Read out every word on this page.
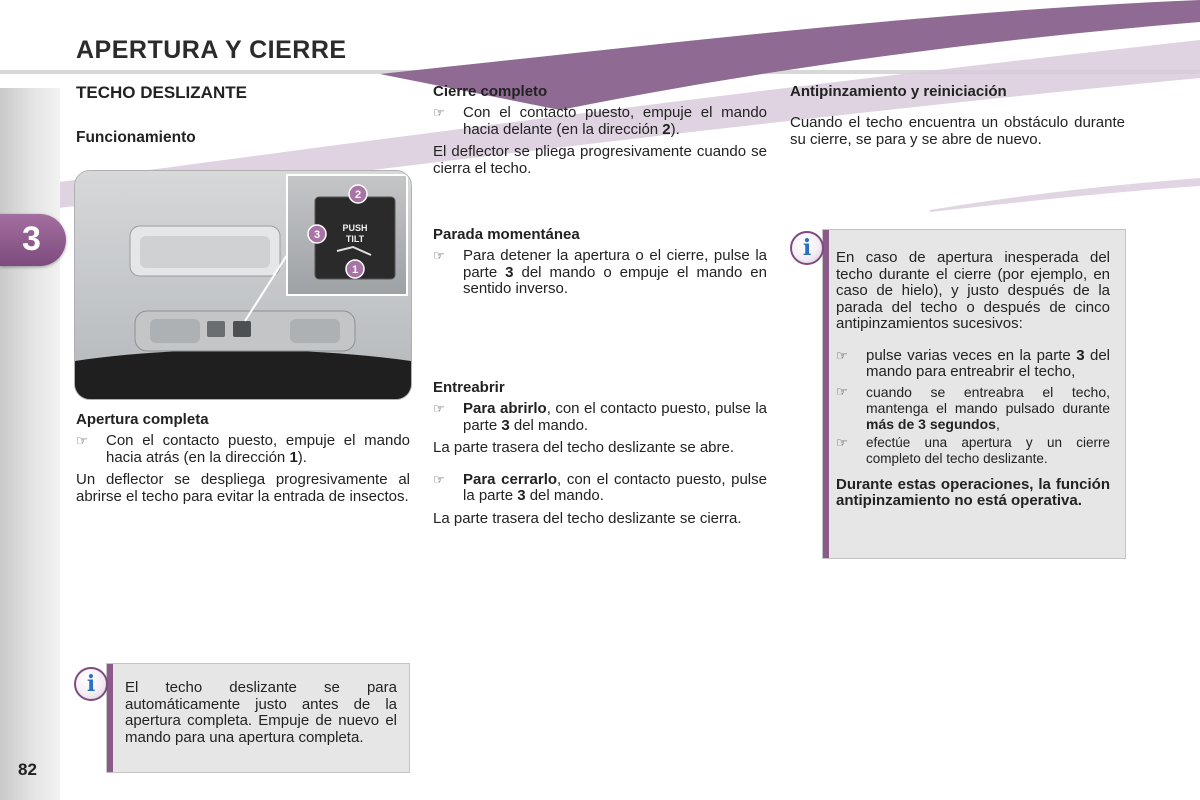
3
APERTURA Y CIERRE
82
TECHO DESLIZANTE
Funcionamiento
PUSH
TILT
2
3
1
Apertura completa
☞ Con el contacto puesto, empuje el mando hacia atrás (en la dirección 1).

Un deflector se despliega progresivamente al abrirse el techo para evitar la entrada de insectos.

El techo deslizante se para automáticamente justo antes de la apertura completa. Empuje de nuevo el mando para una apertura completa.
i
Cierre completo
☞ Con el contacto puesto, empuje el mando hacia delante (en la dirección 2).

El deflector se pliega progresivamente cuando se cierra el techo.

Parada momentánea
☞ Para detener la apertura o el cierre, pulse la parte 3 del mando o empuje el mando en sentido inverso.
Entreabrir
☞ Para abrirlo, con el contacto puesto, pulse la parte 3 del mando.

La parte trasera del techo deslizante se abre.

☞ Para cerrarlo, con el contacto puesto, pulse la parte 3 del mando.

La parte trasera del techo deslizante se cierra.

Antipinzamiento y reiniciación

Cuando el techo encuentra un obstáculo durante su cierre, se para y se abre de nuevo.

En caso de apertura inesperada del techo durante el cierre (por ejemplo, en caso de hielo), y justo después de la parada del techo o después de cinco antipinzamientos sucesivos:

☞ pulse varias veces en la parte 3 del mando para entreabrir el techo,
☞ cuando se entreabra el techo, mantenga el mando pulsado durante más de 3 segundos,
☞ efectúe una apertura y un cierre completo del techo deslizante.

Durante estas operaciones, la función antipinzamiento no está operativa.

i
